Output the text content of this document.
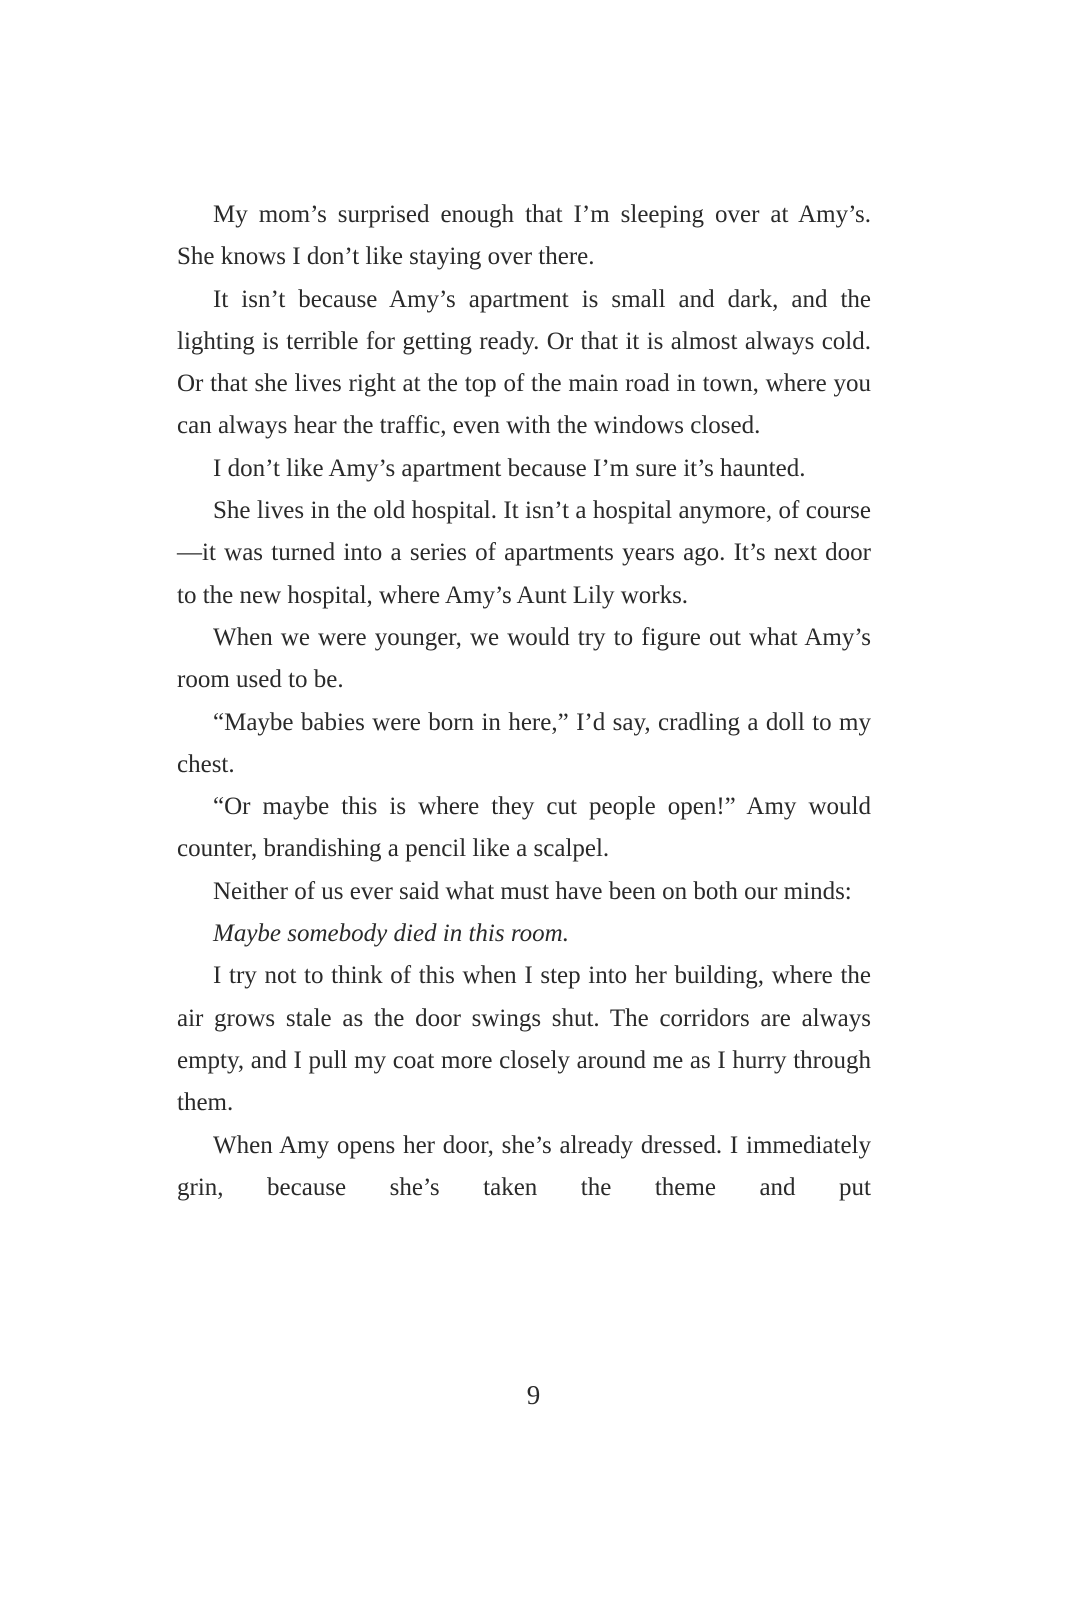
My mom’s surprised enough that I’m sleeping over at Amy’s. She knows I don’t like staying over there.

It isn’t because Amy’s apartment is small and dark, and the lighting is terrible for getting ready. Or that it is almost always cold. Or that she lives right at the top of the main road in town, where you can always hear the traffic, even with the windows closed.

I don’t like Amy’s apartment because I’m sure it’s haunted.

She lives in the old hospital. It isn’t a hospital anymore, of course—it was turned into a series of apartments years ago. It’s next door to the new hospital, where Amy’s Aunt Lily works.

When we were younger, we would try to figure out what Amy’s room used to be.

“Maybe babies were born in here,” I’d say, cradling a doll to my chest.

“Or maybe this is where they cut people open!” Amy would counter, brandishing a pencil like a scalpel.

Neither of us ever said what must have been on both our minds:

Maybe somebody died in this room.

I try not to think of this when I step into her building, where the air grows stale as the door swings shut. The corridors are always empty, and I pull my coat more closely around me as I hurry through them.

When Amy opens her door, she’s already dressed. I immediately grin, because she’s taken the theme and put

9
